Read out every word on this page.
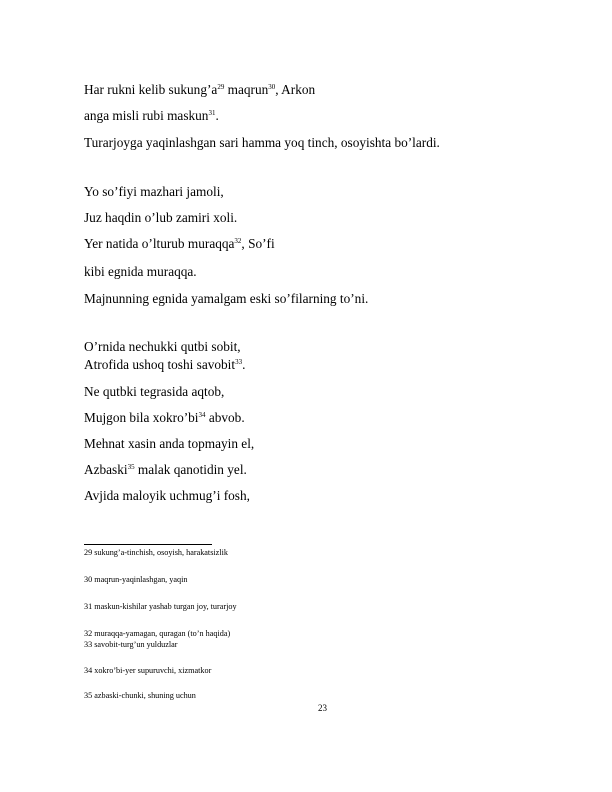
Har rukni kelib $sukung’a^{29}$ maqrun$^{30}$, Arkon
anga misli rubi maskun$^{31}$.
Turarjoyga yaqinlashgan sari hamma yoq tinch, osoyishta bo’lardi.
Yo so’fiyi mazhari jamoli,
Juz haqdin o’lub zamiri xoli.
Yer natida o’lturub muraqqa$^{32}$, So’fi
kibi egnida muraqqa.
Majnunning egnida yamalgam eski so’filarning to’ni.
O’rnida nechukki qutbi sobit,
Atrofida ushoq toshi savobit$^{33}$.
Ne qutbki tegrasida aqtob,
Mujgon bila $xokro’bi^{34}$ abvob.
Mehnat xasin anda topmayin el,
Azbaski$^{35}$ malak qanotidin yel.
Avjida maloyik uchmug’i fosh,
29 sukung’a-tinchish, osoyish, harakatsizlik
30 maqrun-yaqinlashgan, yaqin
31 maskun-kishilar yashab turgan joy, turarjoy
32 muraqqa-yamagan, quragan (to’n haqida)
33 savobit-turg’un yulduzlar
34 xokro’bi-yer supuruvchi, xizmatkor
35 azbaski-chunki, shuning uchun
23
